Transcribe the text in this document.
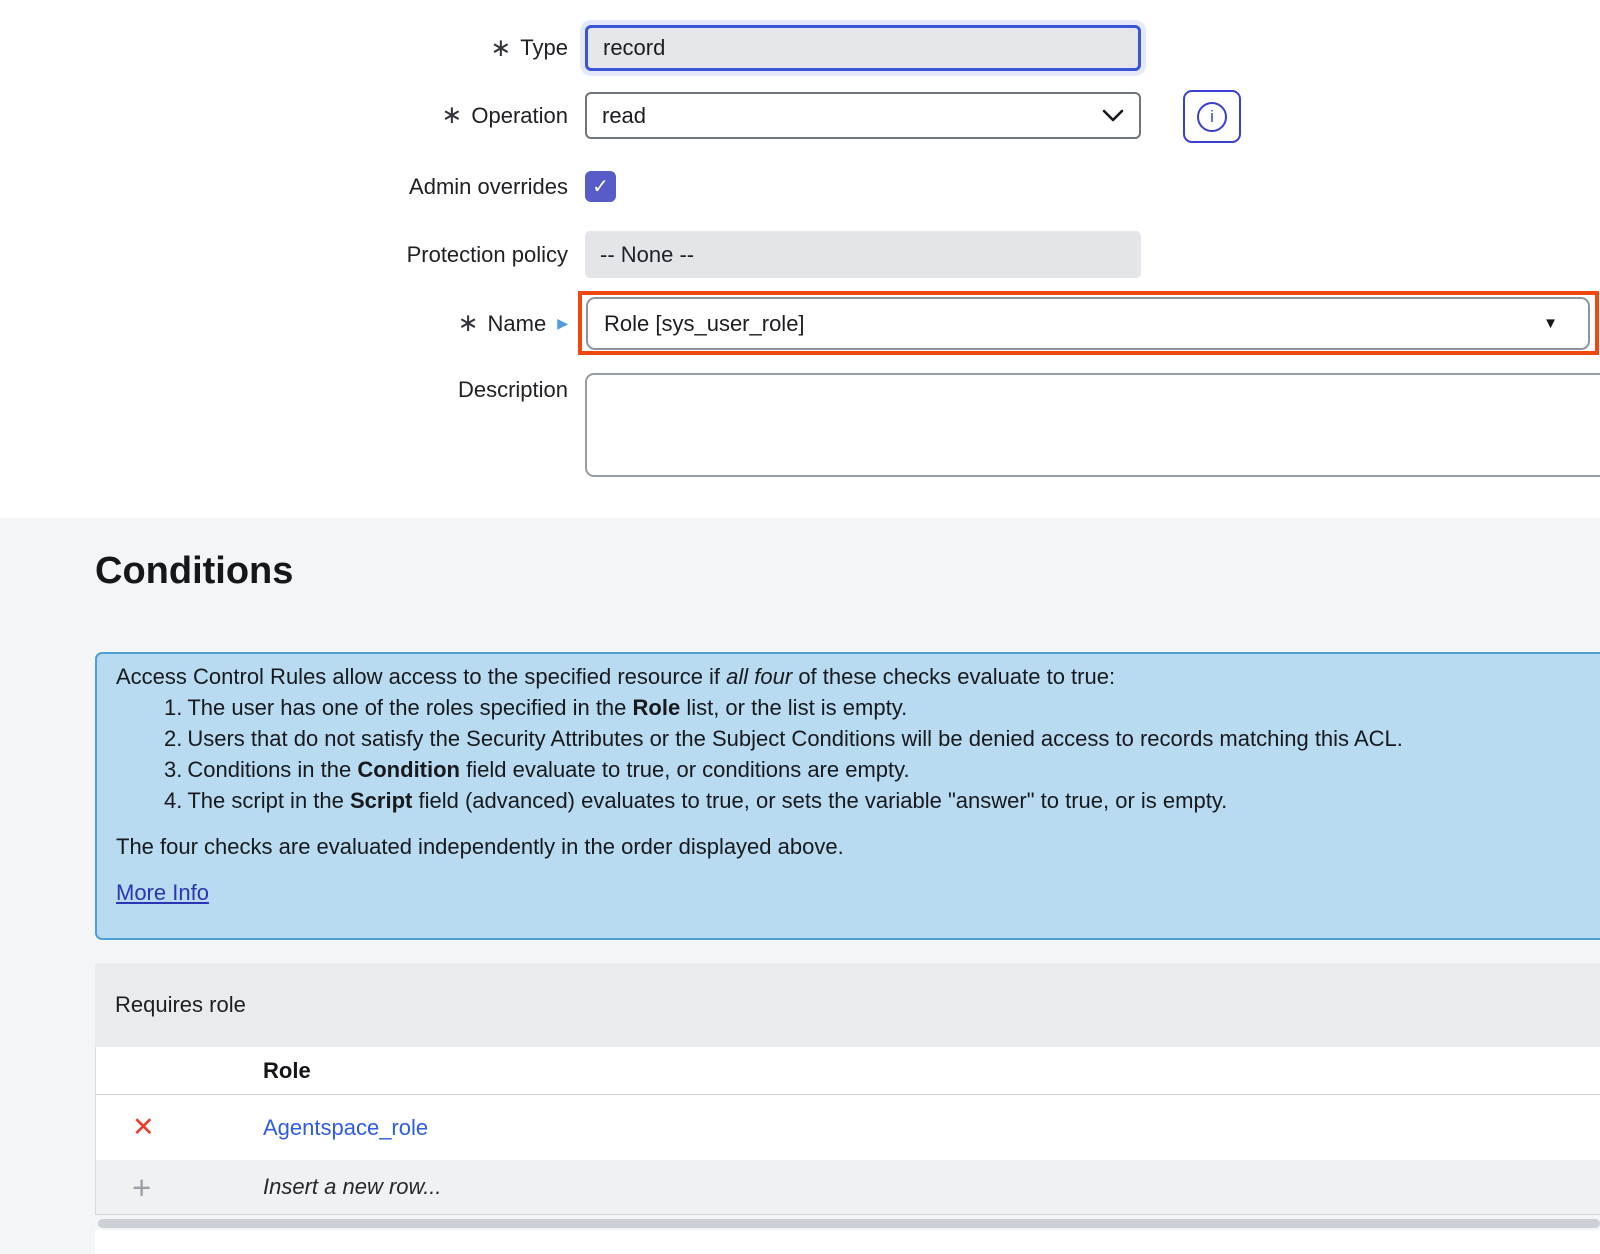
∗ Type record
∗ Operation read	i
Admin overrides ✓
Protection policy -- None --
∗ Name ▶ Role [sys_user_role]	▼
Description
Conditions

Access Control Rules allow access to the specified resource if all four of these checks evaluate to true:

1. The user has one of the roles specified in the Role list, or the list is empty.
2. Users that do not satisfy the Security Attributes or the Subject Conditions will be denied access to records matching this ACL.
3. Conditions in the Condition field evaluate to true, or conditions are empty.
4. The script in the Script field (advanced) evaluates to true, or sets the variable "answer" to true, or is empty.

The four checks are evaluated independently in the order displayed above.

More Info
Requires role
Role
✕	Agentspace_role
+	Insert a new row...
